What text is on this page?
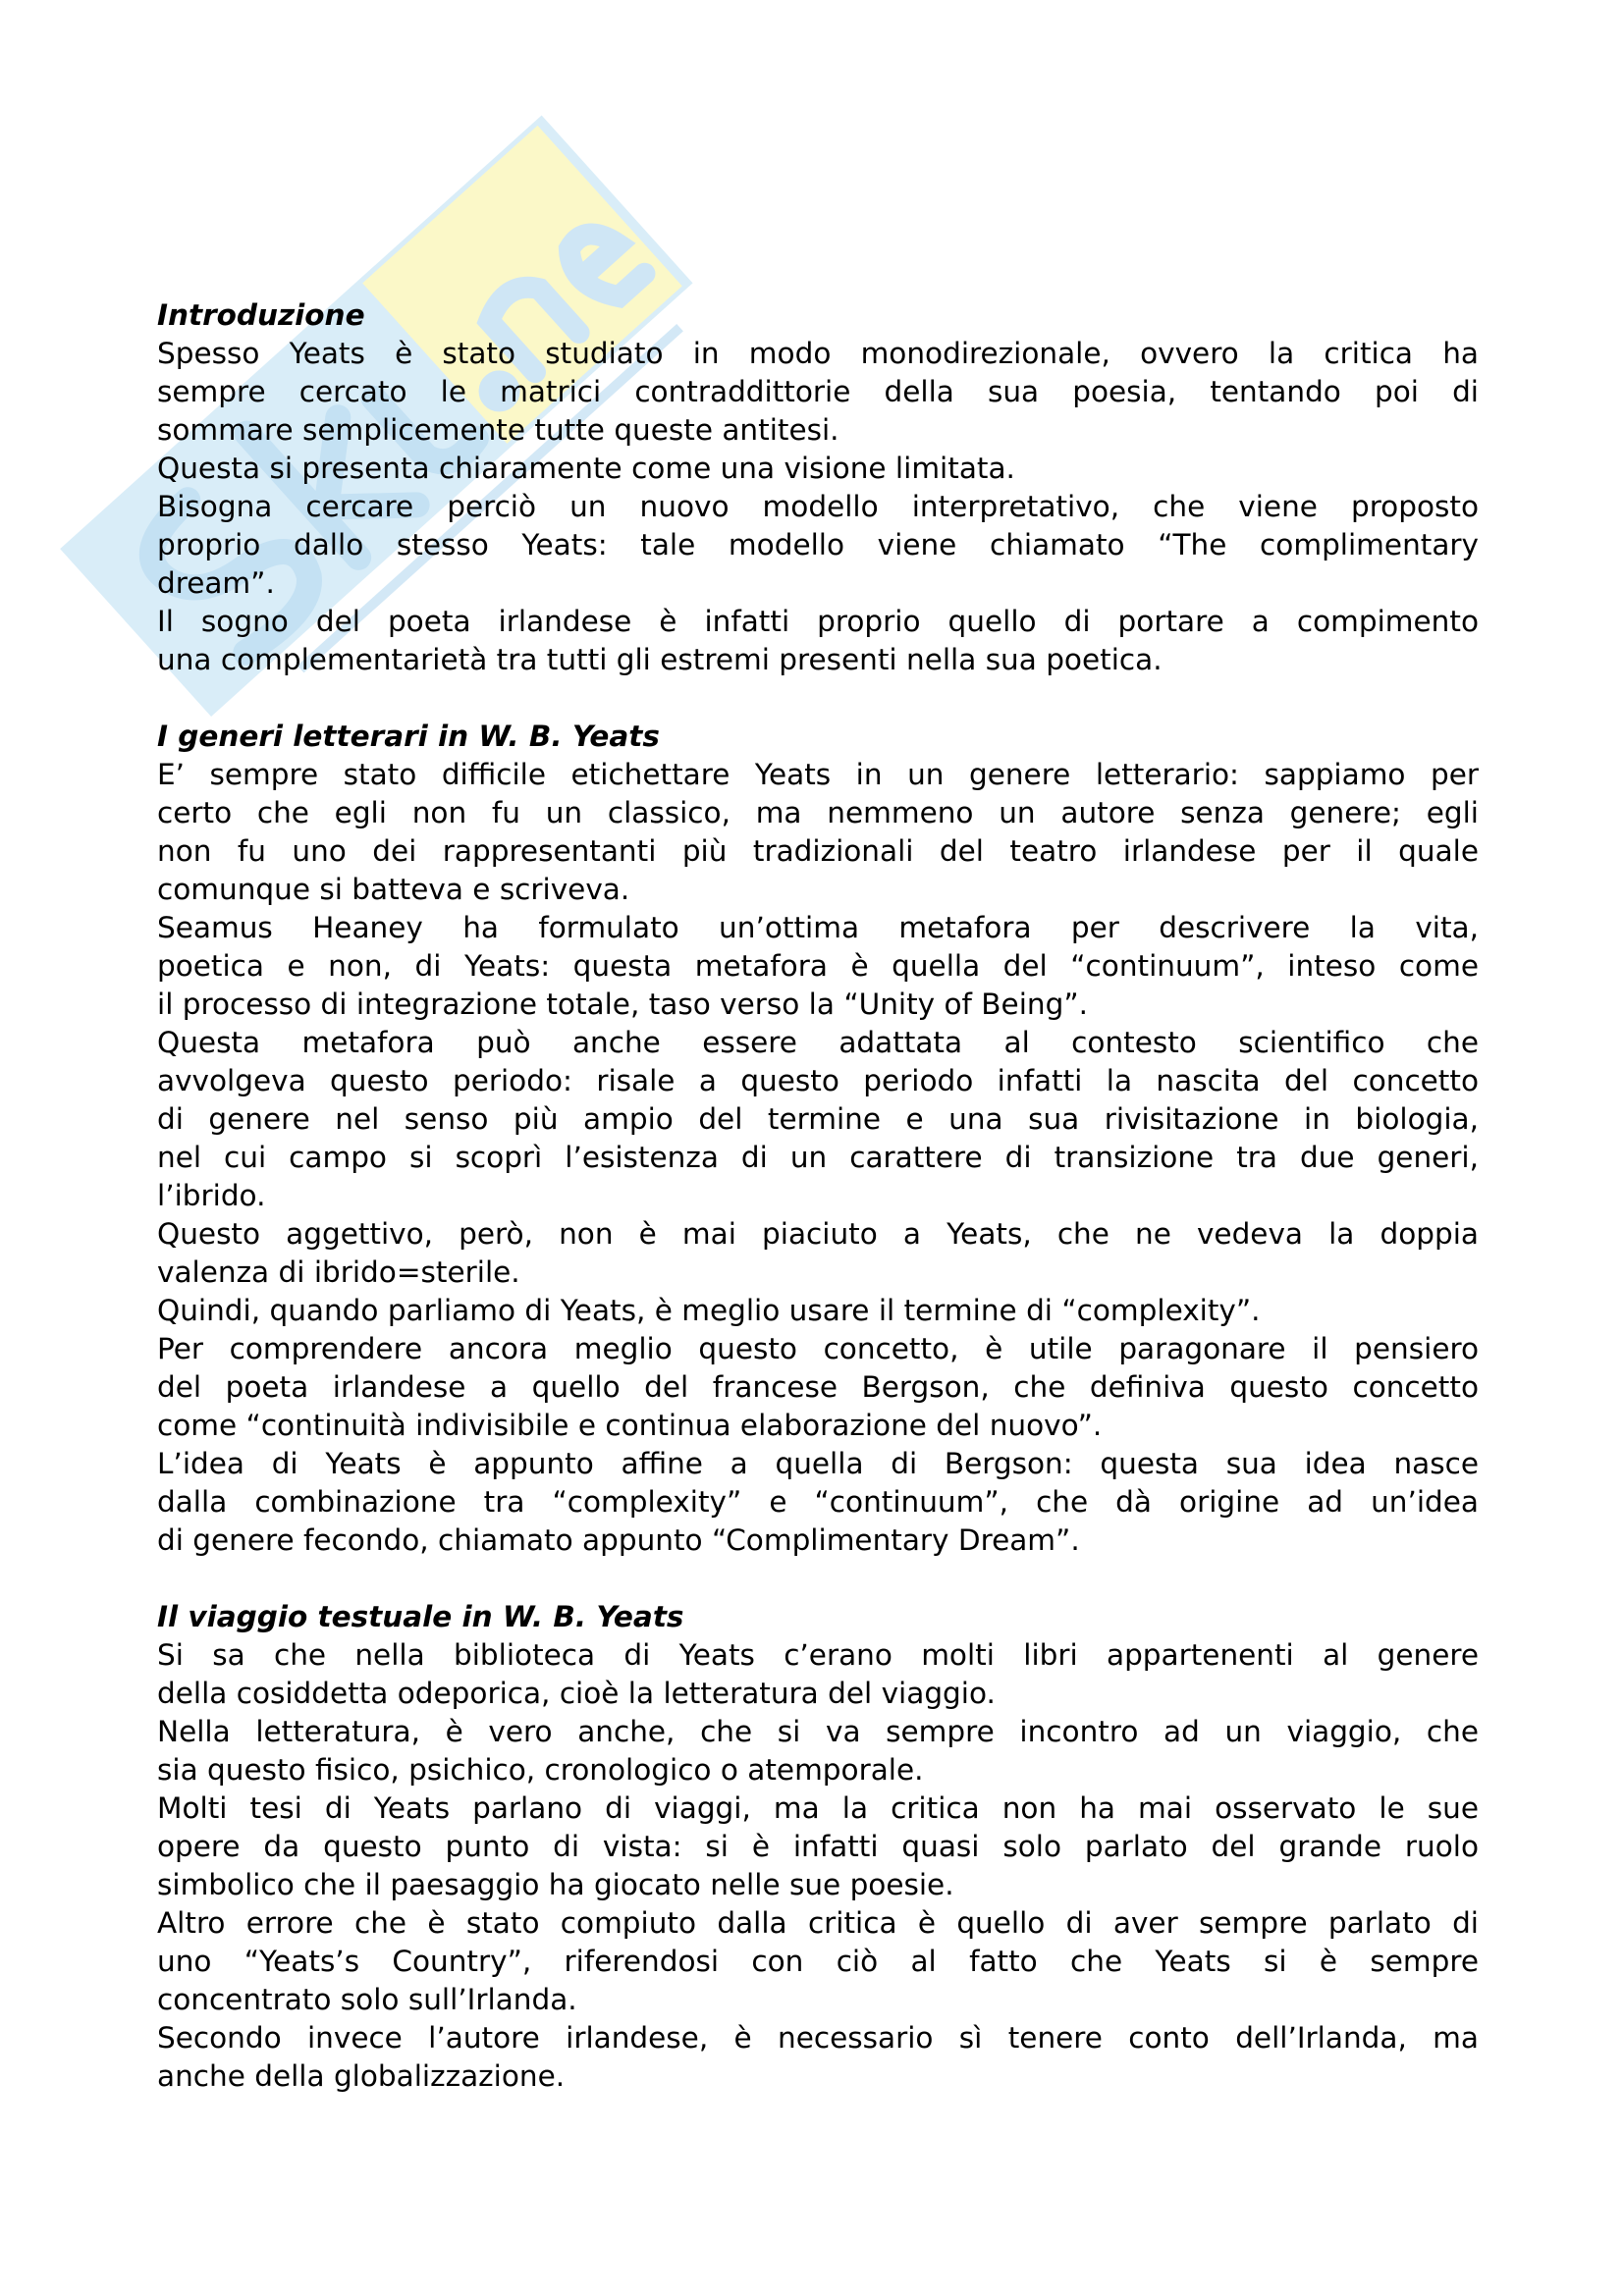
Introduzione
Spesso Yeats è stato studiato in modo monodirezionale, ovvero la critica ha
sempre cercato le matrici contraddittorie della sua poesia, tentando poi di
sommare semplicemente tutte queste antitesi.
Questa si presenta chiaramente come una visione limitata.
Bisogna cercare perciò un nuovo modello interpretativo, che viene proposto
proprio dallo stesso Yeats: tale modello viene chiamato “The complimentary
dream”.
Il sogno del poeta irlandese è infatti proprio quello di portare a compimento
una complementarietà tra tutti gli estremi presenti nella sua poetica.
I generi letterari in W. B. Yeats
E’ sempre stato difficile etichettare Yeats in un genere letterario: sappiamo per
certo che egli non fu un classico, ma nemmeno un autore senza genere; egli
non fu uno dei rappresentanti più tradizionali del teatro irlandese per il quale
comunque si batteva e scriveva.
Seamus Heaney ha formulato un’ottima metafora per descrivere la vita,
poetica e non, di Yeats: questa metafora è quella del “continuum”, inteso come
il processo di integrazione totale, taso verso la “Unity of Being”.
Questa metafora può anche essere adattata al contesto scientifico che
avvolgeva questo periodo: risale a questo periodo infatti la nascita del concetto
di genere nel senso più ampio del termine e una sua rivisitazione in biologia,
nel cui campo si scoprì l’esistenza di un carattere di transizione tra due generi,
l’ibrido.
Questo aggettivo, però, non è mai piaciuto a Yeats, che ne vedeva la doppia
valenza di ibrido=sterile.
Quindi, quando parliamo di Yeats, è meglio usare il termine di “complexity”.
Per comprendere ancora meglio questo concetto, è utile paragonare il pensiero
del poeta irlandese a quello del francese Bergson, che definiva questo concetto
come “continuità indivisibile e continua elaborazione del nuovo”.
L’idea di Yeats è appunto affine a quella di Bergson: questa sua idea nasce
dalla combinazione tra “complexity” e “continuum”, che dà origine ad un’idea
di genere fecondo, chiamato appunto “Complimentary Dream”.
Il viaggio testuale in W. B. Yeats
Si sa che nella biblioteca di Yeats c’erano molti libri appartenenti al genere
della cosiddetta odeporica, cioè la letteratura del viaggio.
Nella letteratura, è vero anche, che si va sempre incontro ad un viaggio, che
sia questo fisico, psichico, cronologico o atemporale.
Molti tesi di Yeats parlano di viaggi, ma la critica non ha mai osservato le sue
opere da questo punto di vista: si è infatti quasi solo parlato del grande ruolo
simbolico che il paesaggio ha giocato nelle sue poesie.
Altro errore che è stato compiuto dalla critica è quello di aver sempre parlato di
uno “Yeats’s Country”, riferendosi con ciò al fatto che Yeats si è sempre
concentrato solo sull’Irlanda.
Secondo invece l’autore irlandese, è necessario sì tenere conto dell’Irlanda, ma
anche della globalizzazione.
